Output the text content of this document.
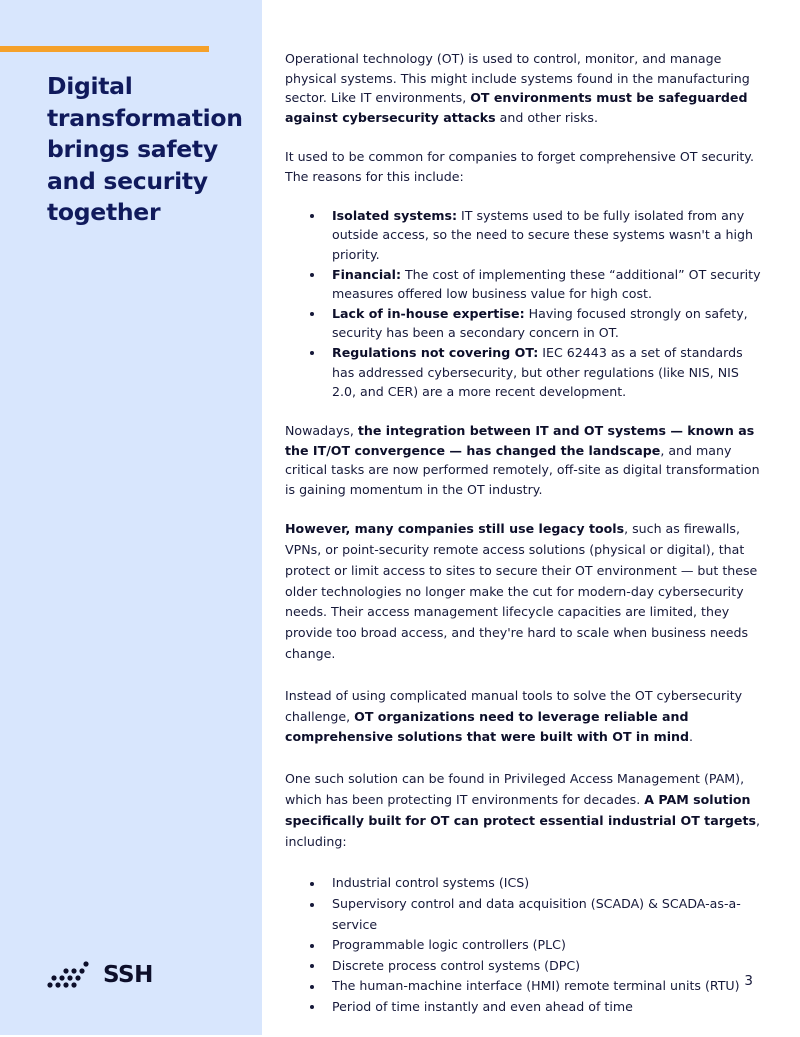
Digital transformation brings safety and security together
SSH

Operational technology (OT) is used to control, monitor, and manage physical systems. This might include systems found in the manufacturing sector. Like IT environments, OT environments must be safeguarded against cybersecurity attacks and other risks.

It used to be common for companies to forget comprehensive OT security. The reasons for this include:

Isolated systems: IT systems used to be fully isolated from any outside access, so the need to secure these systems wasn't a high priority.
Financial: The cost of implementing these “additional” OT security measures offered low business value for high cost.
Lack of in-house expertise: Having focused strongly on safety, security has been a secondary concern in OT.
Regulations not covering OT: IEC 62443 as a set of standards has addressed cybersecurity, but other regulations (like NIS, NIS 2.0, and CER) are a more recent development.

Nowadays, the integration between IT and OT systems — known as the IT/OT convergence — has changed the landscape, and many critical tasks are now performed remotely, off-site as digital transformation is gaining momentum in the OT industry.

However, many companies still use legacy tools, such as firewalls, VPNs, or point-security remote access solutions (physical or digital), that protect or limit access to sites to secure their OT environment — but these older technologies no longer make the cut for modern-day cybersecurity needs. Their access management lifecycle capacities are limited, they provide too broad access, and they're hard to scale when business needs change.

Instead of using complicated manual tools to solve the OT cybersecurity challenge, OT organizations need to leverage reliable and comprehensive solutions that were built with OT in mind.

One such solution can be found in Privileged Access Management (PAM), which has been protecting IT environments for decades. A PAM solution specifically built for OT can protect essential industrial OT targets, including:

Industrial control systems (ICS)
Supervisory control and data acquisition (SCADA) & SCADA-as-a-service
Programmable logic controllers (PLC)
Discrete process control systems (DPC)
The human-machine interface (HMI) remote terminal units (RTU)
Period of time instantly and even ahead of time
3
